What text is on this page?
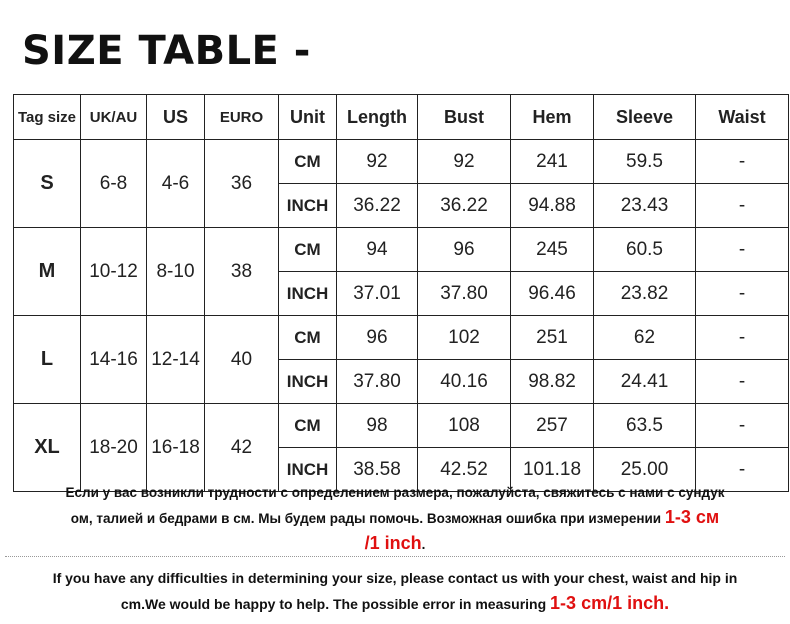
SIZE TABLE -
Tag size	UK/AU	US	EURO	Unit	Length	Bust	Hem	Sleeve	Waist
S	6-8	4-6	36	CM	92	92	241	59.5	-
				INCH	36.22	36.22	94.88	23.43	-
M	10-12	8-10	38	CM	94	96	245	60.5	-
				INCH	37.01	37.80	96.46	23.82	-
L	14-16	12-14	40	CM	96	102	251	62	-
				INCH	37.80	40.16	98.82	24.41	-
XL	18-20	16-18	42	CM	98	108	257	63.5	-
				INCH	38.58	42.52	101.18	25.00	-
Если у вас возникли трудности с определением размера, пожалуйста, свяжитесь с нами с сундук
ом, талией и бедрами в см. Мы будем рады помочь. Возможная ошибка при измерении 1-3 см
/1 inch.
If you have any difficulties in determining your size, please contact us with your chest, waist and hip in
cm.We would be happy to help. The possible error in measuring 1-3 cm/1 inch.
